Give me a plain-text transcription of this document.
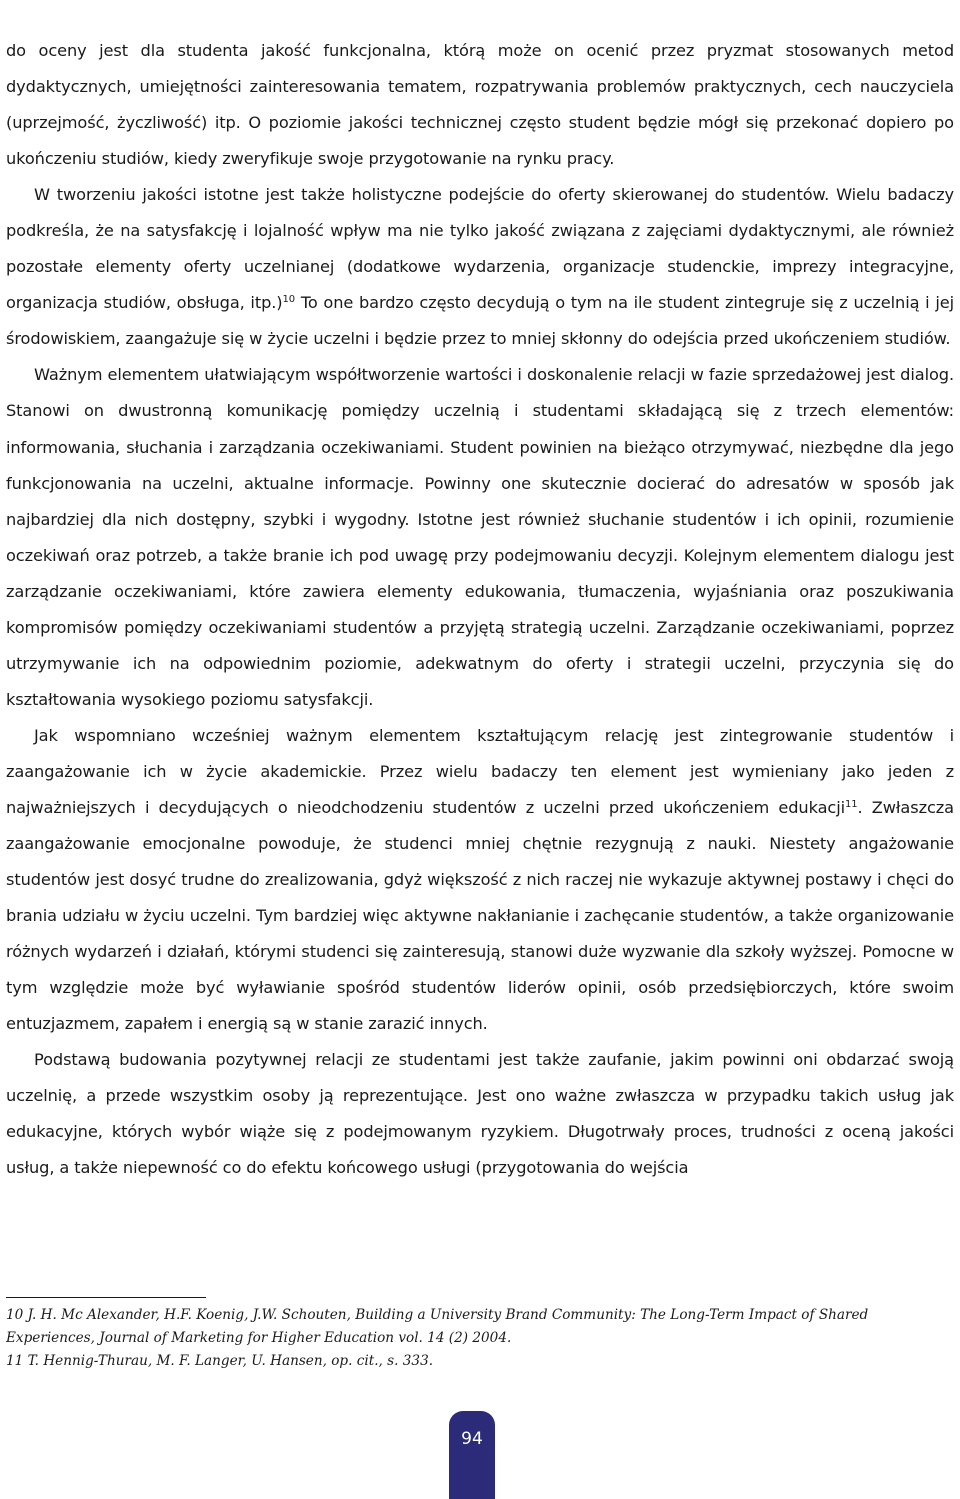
do oceny jest dla studenta jakość funkcjonalna, którą może on ocenić przez pryzmat stosowanych metod dydaktycznych, umiejętności zainteresowania tematem, rozpatrywania problemów praktycznych, cech nauczyciela (uprzejmość, życzliwość) itp. O poziomie jakości technicznej często student będzie mógł się przekonać dopiero po ukończeniu studiów, kiedy zweryfikuje swoje przygotowanie na rynku pracy.

W tworzeniu jakości istotne jest także holistyczne podejście do oferty skierowanej do studentów. Wielu badaczy podkreśla, że na satysfakcję i lojalność wpływ ma nie tylko jakość związana z zajęciami dydaktycznymi, ale również pozostałe elementy oferty uczelnianej (dodatkowe wydarzenia, organizacje studenckie, imprezy integracyjne, organizacja studiów, obsługa, itp.)$^{10}$ To one bardzo często decydują o tym na ile student zintegruje się z uczelnią i jej środowiskiem, zaangażuje się w życie uczelni i będzie przez to mniej skłonny do odejścia przed ukończeniem studiów.

Ważnym elementem ułatwiającym współtworzenie wartości i doskonalenie relacji w fazie sprzedażowej jest dialog. Stanowi on dwustronną komunikację pomiędzy uczelnią i studentami składającą się z trzech elementów: informowania, słuchania i zarządzania oczekiwaniami. Student powinien na bieżąco otrzymywać, niezbędne dla jego funkcjonowania na uczelni, aktualne informacje. Powinny one skutecznie docierać do adresatów w sposób jak najbardziej dla nich dostępny, szybki i wygodny. Istotne jest również słuchanie studentów i ich opinii, rozumienie oczekiwań oraz potrzeb, a także branie ich pod uwagę przy podejmowaniu decyzji. Kolejnym elementem dialogu jest zarządzanie oczekiwaniami, które zawiera elementy edukowania, tłumaczenia, wyjaśniania oraz poszukiwania kompromisów pomiędzy oczekiwaniami studentów a przyjętą strategią uczelni. Zarządzanie oczekiwaniami, poprzez utrzymywanie ich na odpowiednim poziomie, adekwatnym do oferty i strategii uczelni, przyczynia się do kształtowania wysokiego poziomu satysfakcji.

Jak wspomniano wcześniej ważnym elementem kształtującym relację jest zintegrowanie studentów i zaangażowanie ich w życie akademickie. Przez wielu badaczy ten element jest wymieniany jako jeden z najważniejszych i decydujących o nieodchodzeniu studentów z uczelni przed ukończeniem edukacji$^{11}$. Zwłaszcza zaangażowanie emocjonalne powoduje, że studenci mniej chętnie rezygnują z nauki. Niestety angażowanie studentów jest dosyć trudne do zrealizowania, gdyż większość z nich raczej nie wykazuje aktywnej postawy i chęci do brania udziału w życiu uczelni. Tym bardziej więc aktywne nakłanianie i zachęcanie studentów, a także organizowanie różnych wydarzeń i działań, którymi studenci się zainteresują, stanowi duże wyzwanie dla szkoły wyższej. Pomocne w tym względzie może być wyławianie spośród studentów liderów opinii, osób przedsiębiorczych, które swoim entuzjazmem, zapałem i energią są w stanie zarazić innych.

Podstawą budowania pozytywnej relacji ze studentami jest także zaufanie, jakim powinni oni obdarzać swoją uczelnię, a przede wszystkim osoby ją reprezentujące. Jest ono ważne zwłaszcza w przypadku takich usług jak edukacyjne, których wybór wiąże się z podejmowanym ryzykiem. Długotrwały proces, trudności z oceną jakości usług, a także niepewność co do efektu końcowego usługi (przygotowania do wejścia

10 J. H. Mc Alexander, H.F. Koenig, J.W. Schouten, Building a University Brand Community: The Long-Term Impact of Shared Experiences, Journal of Marketing for Higher Education vol. 14 (2) 2004.

11 T. Hennig-Thurau, M. F. Langer, U. Hansen, op. cit., s. 333.

94
